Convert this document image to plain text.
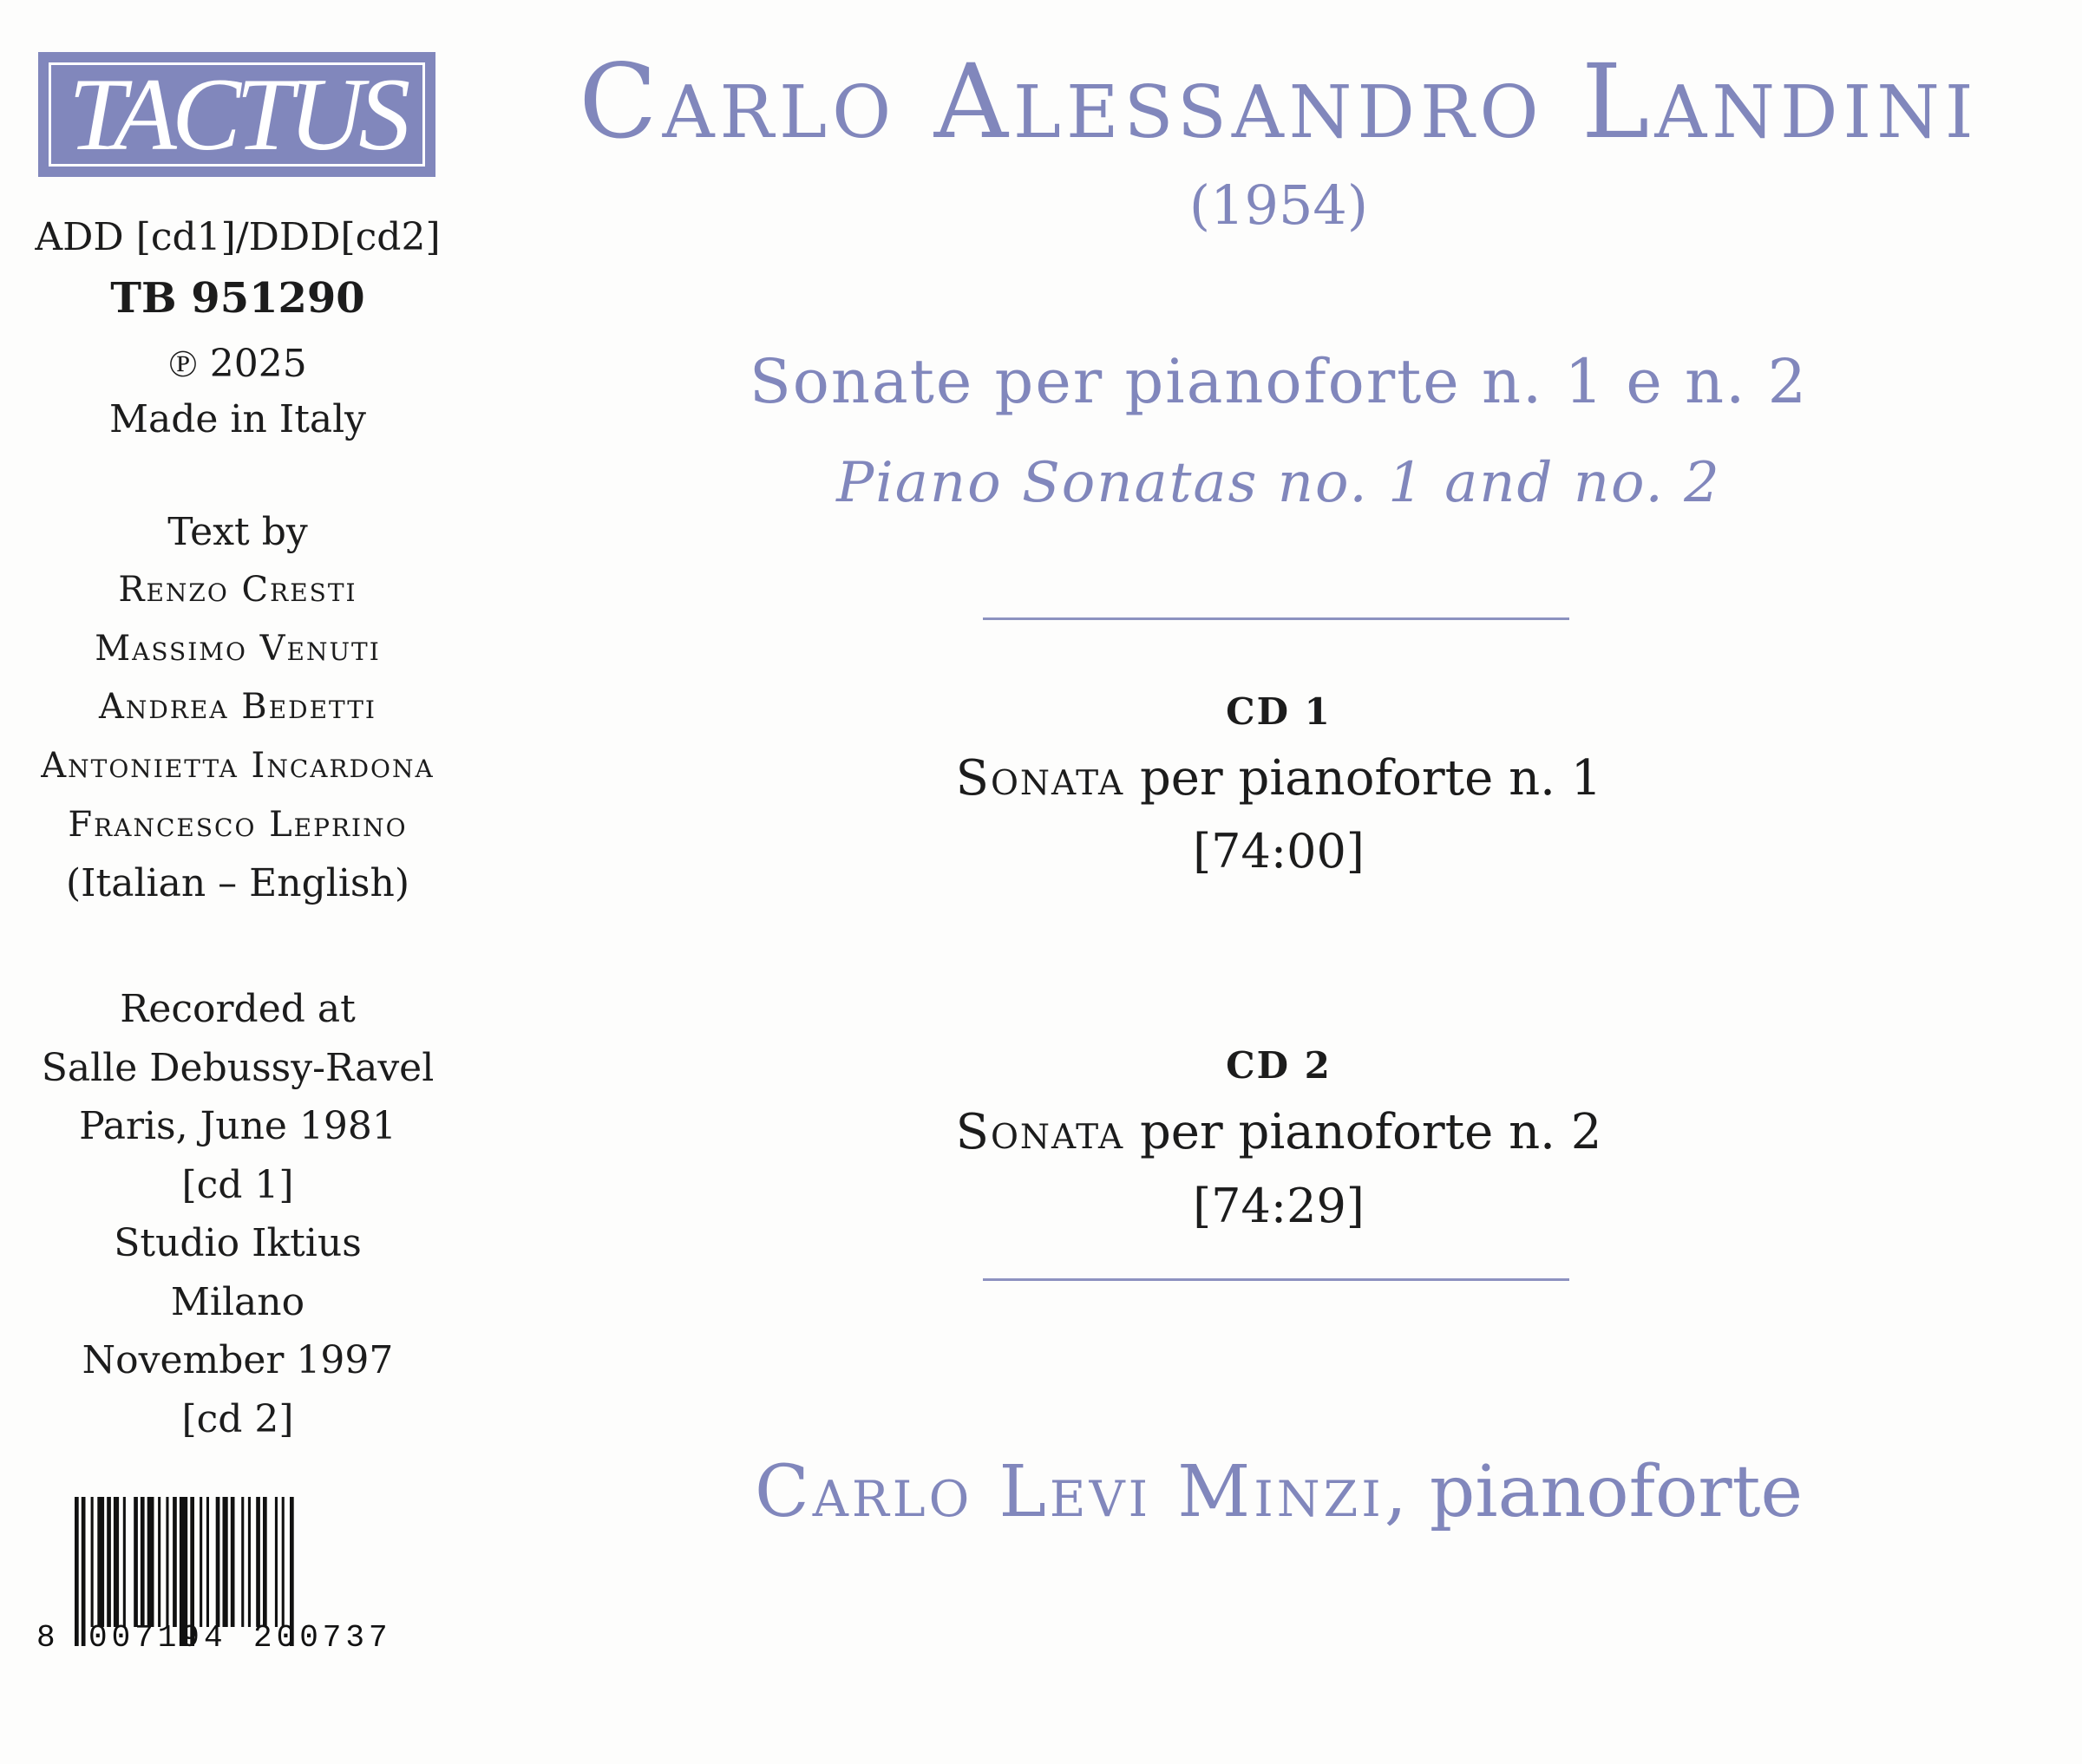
TACTUS
ADD [cd1]/DDD[cd2]
TB 951290
℗ 2025
Made in Italy
Text by
Renzo Cresti
Massimo Venuti
Andrea Bedetti
Antonietta Incardona
Francesco Leprino
(Italian – English)
Recorded at
Salle Debussy-Ravel
Paris, June 1981
[cd 1]
Studio Iktius
Milano
November 1997
[cd 2]
8 007194 200737
Carlo Alessandro Landini
(1954)
Sonate per pianoforte n. 1 e n. 2
Piano Sonatas no. 1 and no. 2
CD 1
Sonata per pianoforte n. 1
[74:00]
CD 2
Sonata per pianoforte n. 2
[74:29]
Carlo Levi Minzi, pianoforte
